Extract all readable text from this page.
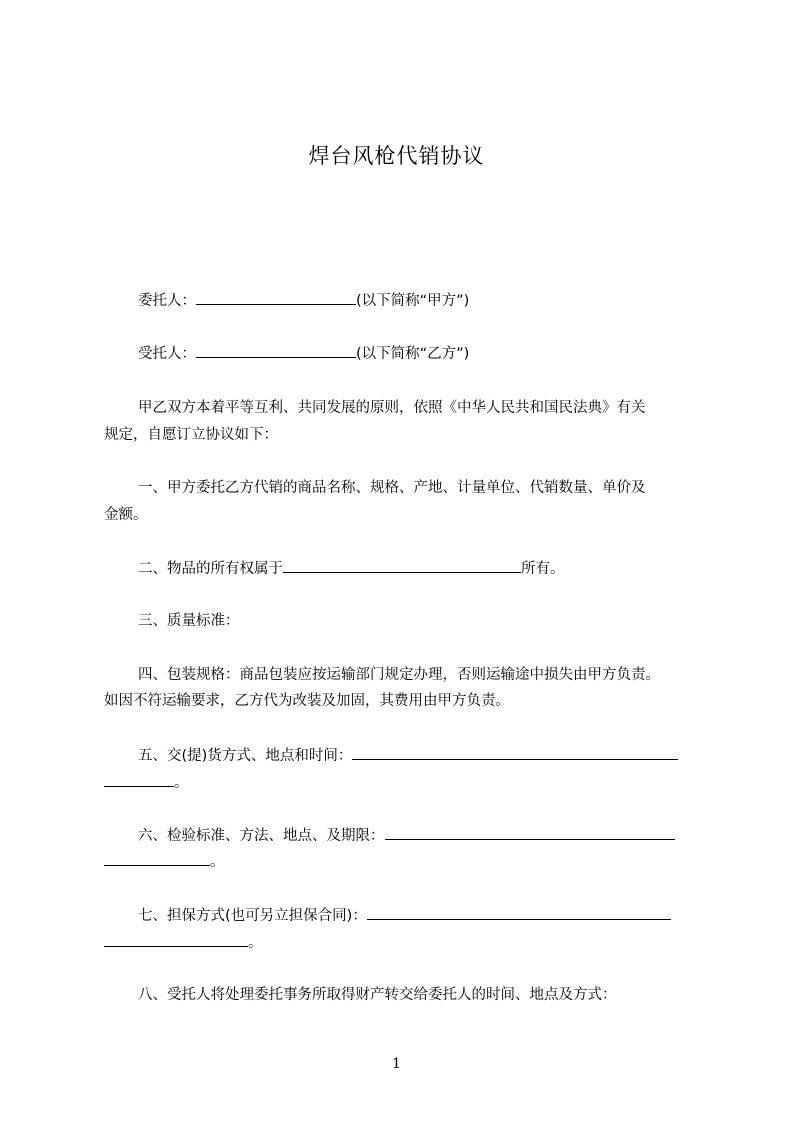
焊台风枪代销协议
委托人：	(以下简称“甲方”)
受托人：	(以下简称“乙方”)
甲乙双方本着平等互利、共同发展的原则，依照《中华人民共和国民法典》有关
规定，自愿订立协议如下：
一、甲方委托乙方代销的商品名称、规格、产地、计量单位、代销数量、单价及
金额。
二、物品的所有权属于	所有。
三、质量标准：
四、包装规格：商品包装应按运输部门规定办理，否则运输途中损失由甲方负责。
如因不符运输要求，乙方代为改装及加固，其费用由甲方负责。
五、交(提)货方式、地点和时间：
。
六、检验标准、方法、地点、及期限：
。
七、担保方式(也可另立担保合同)：
。
八、受托人将处理委托事务所取得财产转交给委托人的时间、地点及方式：
1
